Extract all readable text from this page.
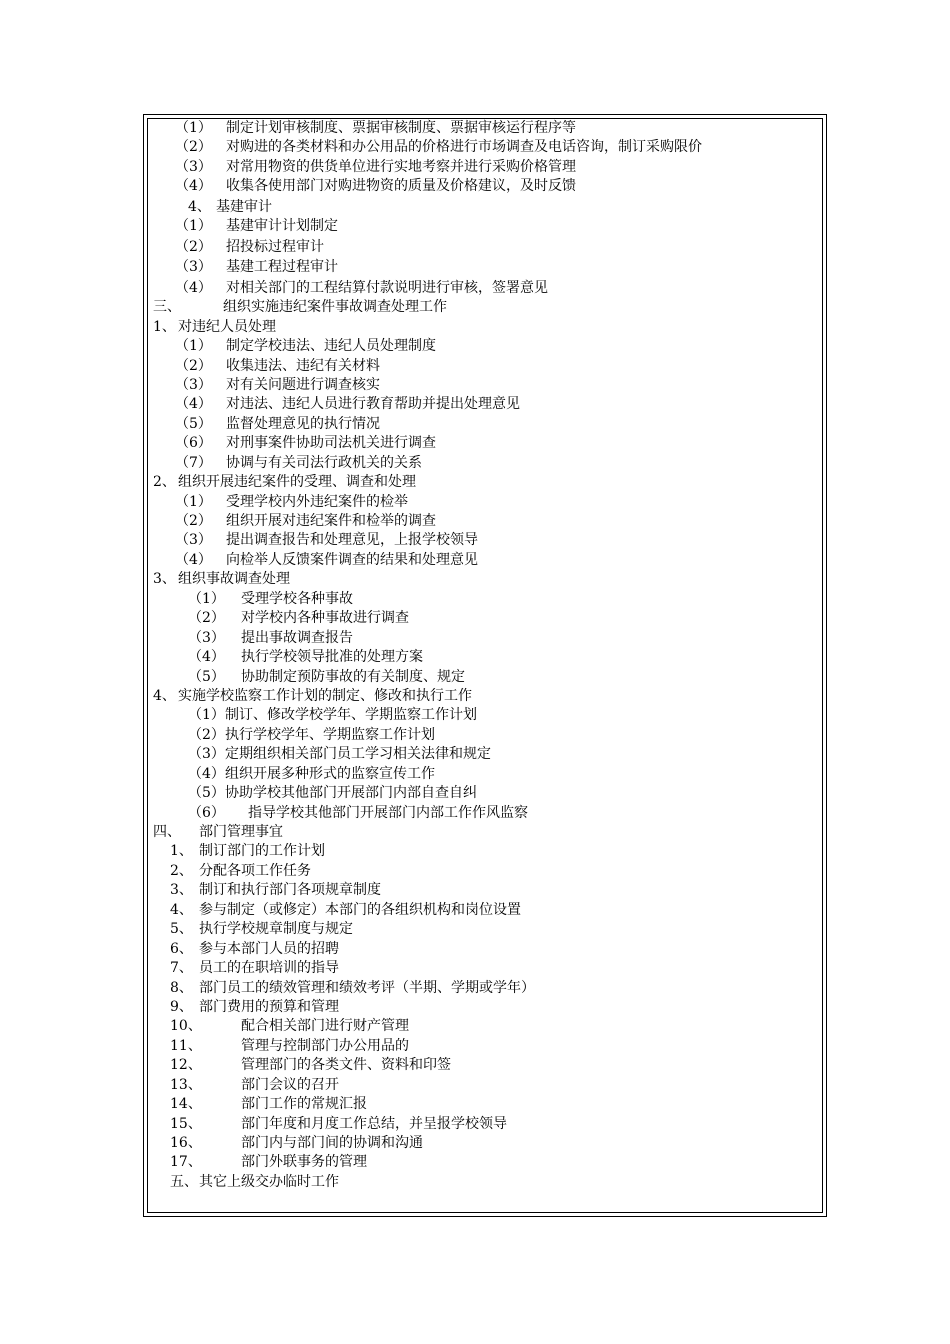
（1） 制定计划审核制度、票据审核制度、票据审核运行程序等
（2） 对购进的各类材料和办公用品的价格进行市场调查及电话咨询，制订采购限价
（3） 对常用物资的供货单位进行实地考察并进行采购价格管理
（4） 收集各使用部门对购进物资的质量及价格建议，及时反馈
4、 基建审计
（1） 基建审计计划制定
（2） 招投标过程审计
（3） 基建工程过程审计
（4） 对相关部门的工程结算付款说明进行审核，签署意见
三、	组织实施违纪案件事故调查处理工作
1、 对违纪人员处理
（1） 制定学校违法、违纪人员处理制度
（2） 收集违法、违纪有关材料
（3） 对有关问题进行调查核实
（4） 对违法、违纪人员进行教育帮助并提出处理意见
（5） 监督处理意见的执行情况
（6） 对刑事案件协助司法机关进行调查
（7） 协调与有关司法行政机关的关系
2、 组织开展违纪案件的受理、调查和处理
（1） 受理学校内外违纪案件的检举
（2） 组织开展对违纪案件和检举的调查
（3） 提出调查报告和处理意见，上报学校领导
（4） 向检举人反馈案件调查的结果和处理意见
3、 组织事故调查处理
（1） 受理学校各种事故
（2） 对学校内各种事故进行调查
（3） 提出事故调查报告
（4） 执行学校领导批准的处理方案
（5） 协助制定预防事故的有关制度、规定
4、 实施学校监察工作计划的制定、修改和执行工作
（1） 制订、修改学校学年、学期监察工作计划
（2） 执行学校学年、学期监察工作计划
（3） 定期组织相关部门员工学习相关法律和规定
（4） 组织开展多种形式的监察宣传工作
（5） 协助学校其他部门开展部门内部自查自纠
（6） 指导学校其他部门开展部门内部工作作风监察
四、 部门管理事宜
1、 制订部门的工作计划
2、 分配各项工作任务
3、 制订和执行部门各项规章制度
4、 参与制定（或修定）本部门的各组织机构和岗位设置
5、 执行学校规章制度与规定
6、 参与本部门人员的招聘
7、 员工的在职培训的指导
8、 部门员工的绩效管理和绩效考评（半期、学期或学年）
9、 部门费用的预算和管理
10、	配合相关部门进行财产管理
11、	管理与控制部门办公用品的
12、	管理部门的各类文件、资料和印签
13、	部门会议的召开
14、	部门工作的常规汇报
15、	部门年度和月度工作总结，并呈报学校领导
16、	部门内与部门间的协调和沟通
17、	部门外联事务的管理
五、 其它上级交办临时工作
